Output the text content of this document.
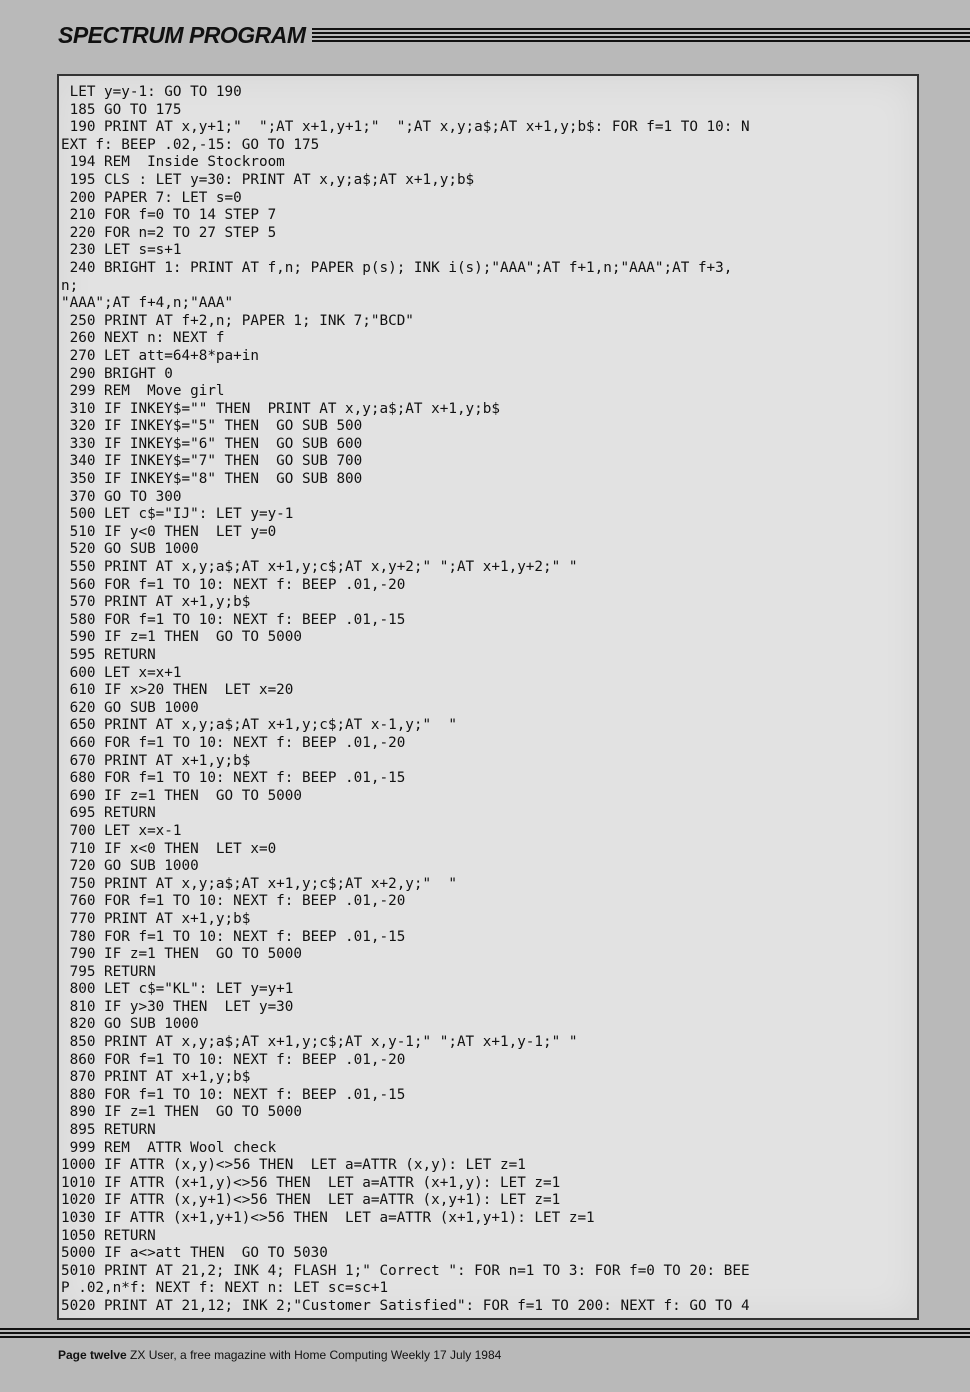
SPECTRUM PROGRAM
LET y=y-1: GO TO 190
185 GO TO 175
190 PRINT AT x,y+1;"  ";AT x+1,y+1;"  ";AT x,y;a$;AT x+1,y;b$: FOR f=1 TO 10: N
EXT f: BEEP .02,-15: GO TO 175
194 REM  Inside Stockroom
195 CLS : LET y=30: PRINT AT x,y;a$;AT x+1,y;b$
200 PAPER 7: LET s=0
210 FOR f=0 TO 14 STEP 7
220 FOR n=2 TO 27 STEP 5
230 LET s=s+1
240 BRIGHT 1: PRINT AT f,n; PAPER p(s); INK i(s);"AAA";AT f+1,n;"AAA";AT f+3,
n;
"AAA";AT f+4,n;"AAA"
250 PRINT AT f+2,n; PAPER 1; INK 7;"BCD"
260 NEXT n: NEXT f
270 LET att=64+8*pa+in
290 BRIGHT 0
299 REM  Move girl
310 IF INKEY$="" THEN  PRINT AT x,y;a$;AT x+1,y;b$
320 IF INKEY$="5" THEN  GO SUB 500
330 IF INKEY$="6" THEN  GO SUB 600
340 IF INKEY$="7" THEN  GO SUB 700
350 IF INKEY$="8" THEN  GO SUB 800
370 GO TO 300
500 LET c$="IJ": LET y=y-1
510 IF y<0 THEN  LET y=0
520 GO SUB 1000
550 PRINT AT x,y;a$;AT x+1,y;c$;AT x,y+2;" ";AT x+1,y+2;" "
560 FOR f=1 TO 10: NEXT f: BEEP .01,-20
570 PRINT AT x+1,y;b$
580 FOR f=1 TO 10: NEXT f: BEEP .01,-15
590 IF z=1 THEN  GO TO 5000
595 RETURN
600 LET x=x+1
610 IF x>20 THEN  LET x=20
620 GO SUB 1000
650 PRINT AT x,y;a$;AT x+1,y;c$;AT x-1,y;"  "
660 FOR f=1 TO 10: NEXT f: BEEP .01,-20
670 PRINT AT x+1,y;b$
680 FOR f=1 TO 10: NEXT f: BEEP .01,-15
690 IF z=1 THEN  GO TO 5000
695 RETURN
700 LET x=x-1
710 IF x<0 THEN  LET x=0
720 GO SUB 1000
750 PRINT AT x,y;a$;AT x+1,y;c$;AT x+2,y;"  "
760 FOR f=1 TO 10: NEXT f: BEEP .01,-20
770 PRINT AT x+1,y;b$
780 FOR f=1 TO 10: NEXT f: BEEP .01,-15
790 IF z=1 THEN  GO TO 5000
795 RETURN
800 LET c$="KL": LET y=y+1
810 IF y>30 THEN  LET y=30
820 GO SUB 1000
850 PRINT AT x,y;a$;AT x+1,y;c$;AT x,y-1;" ";AT x+1,y-1;" "
860 FOR f=1 TO 10: NEXT f: BEEP .01,-20
870 PRINT AT x+1,y;b$
880 FOR f=1 TO 10: NEXT f: BEEP .01,-15
890 IF z=1 THEN  GO TO 5000
895 RETURN
999 REM  ATTR Wool check
1000 IF ATTR (x,y)<>56 THEN  LET a=ATTR (x,y): LET z=1
1010 IF ATTR (x+1,y)<>56 THEN  LET a=ATTR (x+1,y): LET z=1
1020 IF ATTR (x,y+1)<>56 THEN  LET a=ATTR (x,y+1): LET z=1
1030 IF ATTR (x+1,y+1)<>56 THEN  LET a=ATTR (x+1,y+1): LET z=1
1050 RETURN
5000 IF a<>att THEN  GO TO 5030
5010 PRINT AT 21,2; INK 4; FLASH 1;" Correct ": FOR n=1 TO 3: FOR f=0 TO 20: BEE
P .02,n*f: NEXT f: NEXT n: LET sc=sc+1
5020 PRINT AT 21,12; INK 2;"Customer Satisfied": FOR f=1 TO 200: NEXT f: GO TO 4
Page twelve ZX User, a free magazine with Home Computing Weekly 17 July 1984
